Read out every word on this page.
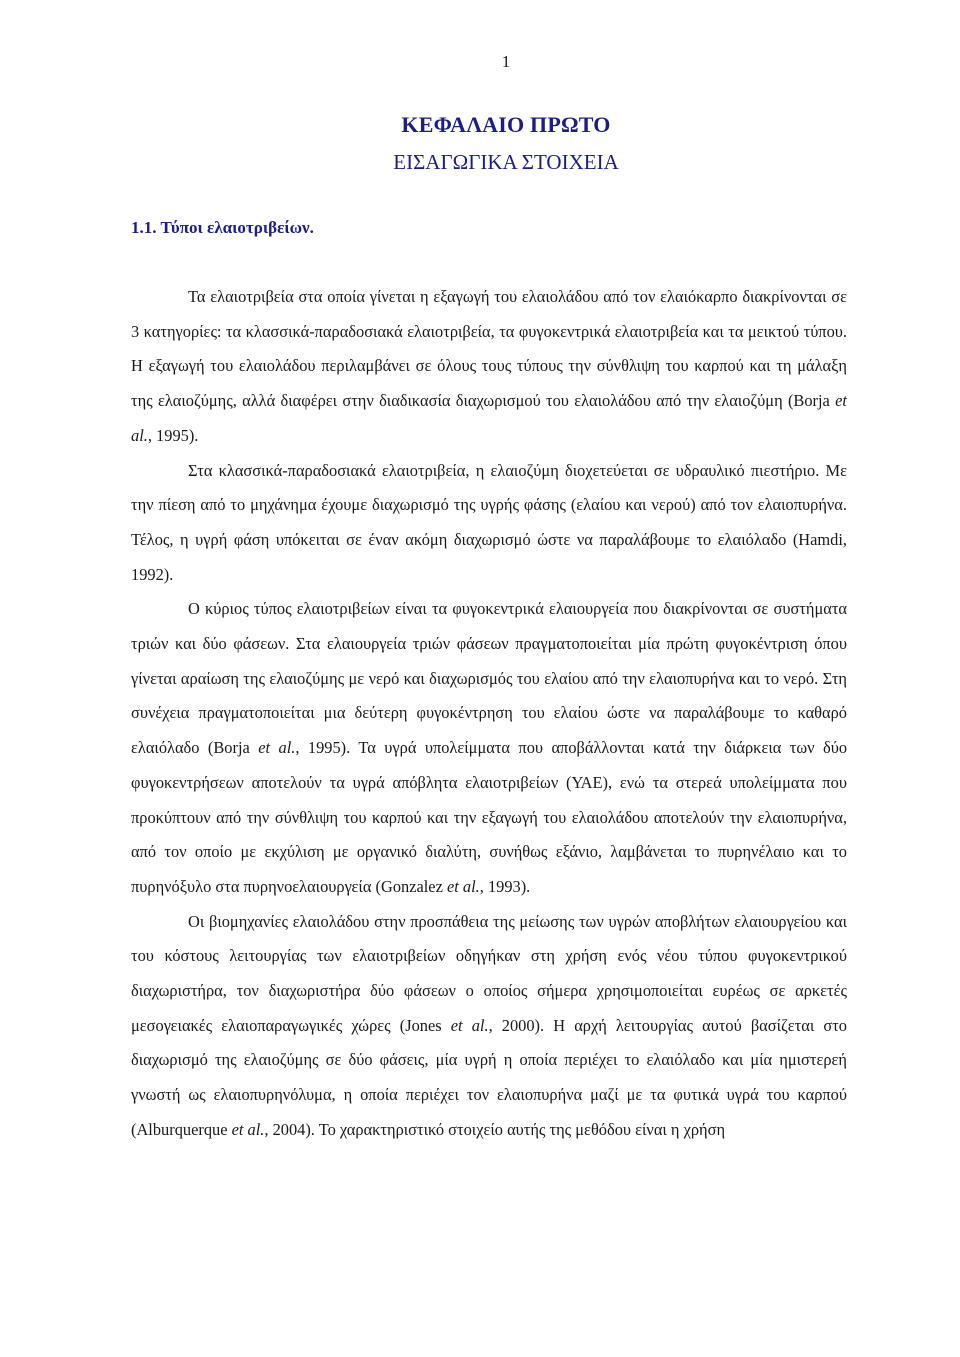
1
ΚΕΦΑΛΑΙΟ ΠΡΩΤΟ
ΕΙΣΑΓΩΓΙΚΑ ΣΤΟΙΧΕΙΑ
1.1. Τύποι ελαιοτριβείων.

Τα ελαιοτριβεία στα οποία γίνεται η εξαγωγή του ελαιολάδου από τον ελαιόκαρπο διακρίνονται σε 3 κατηγορίες: τα κλασσικά-παραδοσιακά ελαιοτριβεία, τα φυγοκεντρικά ελαιοτριβεία και τα μεικτού τύπου. Η εξαγωγή του ελαιολάδου περιλαμβάνει σε όλους τους τύπους την σύνθλιψη του καρπού και τη μάλαξη της ελαιοζύμης, αλλά διαφέρει στην διαδικασία διαχωρισμού του ελαιολάδου από την ελαιοζύμη (Borja et al., 1995).

Στα κλασσικά-παραδοσιακά ελαιοτριβεία, η ελαιοζύμη διοχετεύεται σε υδραυλικό πιεστήριο. Με την πίεση από το μηχάνημα έχουμε διαχωρισμό της υγρής φάσης (ελαίου και νερού) από τον ελαιοπυρήνα. Τέλος, η υγρή φάση υπόκειται σε έναν ακόμη διαχωρισμό ώστε να παραλάβουμε το ελαιόλαδο (Hamdi, 1992).

Ο κύριος τύπος ελαιοτριβείων είναι τα φυγοκεντρικά ελαιουργεία που διακρίνονται σε συστήματα τριών και δύο φάσεων. Στα ελαιουργεία τριών φάσεων πραγματοποιείται μία πρώτη φυγοκέντριση όπου γίνεται αραίωση της ελαιοζύμης με νερό και διαχωρισμός του ελαίου από την ελαιοπυρήνα και το νερό. Στη συνέχεια πραγματοποιείται μια δεύτερη φυγοκέντρηση του ελαίου ώστε να παραλάβουμε το καθαρό ελαιόλαδο (Borja et al., 1995). Τα υγρά υπολείμματα που αποβάλλονται κατά την διάρκεια των δύο φυγοκεντρήσεων αποτελούν τα υγρά απόβλητα ελαιοτριβείων (ΥΑΕ), ενώ τα στερεά υπολείμματα που προκύπτουν από την σύνθλιψη του καρπού και την εξαγωγή του ελαιολάδου αποτελούν την ελαιοπυρήνα, από τον οποίο με εκχύλιση με οργανικό διαλύτη, συνήθως εξάνιο, λαμβάνεται το πυρηνέλαιο και το πυρηνόξυλο στα πυρηνοελαιουργεία (Gonzalez et al., 1993).

Οι βιομηχανίες ελαιολάδου στην προσπάθεια της μείωσης των υγρών αποβλήτων ελαιουργείου και του κόστους λειτουργίας των ελαιοτριβείων οδηγήκαν στη χρήση ενός νέου τύπου φυγοκεντρικού διαχωριστήρα, τον διαχωριστήρα δύο φάσεων ο οποίος σήμερα χρησιμοποιείται ευρέως σε αρκετές μεσογειακές ελαιοπαραγωγικές χώρες (Jones et al., 2000). Η αρχή λειτουργίας αυτού βασίζεται στο διαχωρισμό της ελαιοζύμης σε δύο φάσεις, μία υγρή η οποία περιέχει το ελαιόλαδο και μία ημιστερεή γνωστή ως ελαιοπυρηνόλυμα, η οποία περιέχει τον ελαιοπυρήνα μαζί με τα φυτικά υγρά του καρπού (Alburquerque et al., 2004). Το χαρακτηριστικό στοιχείο αυτής της μεθόδου είναι η χρήση
